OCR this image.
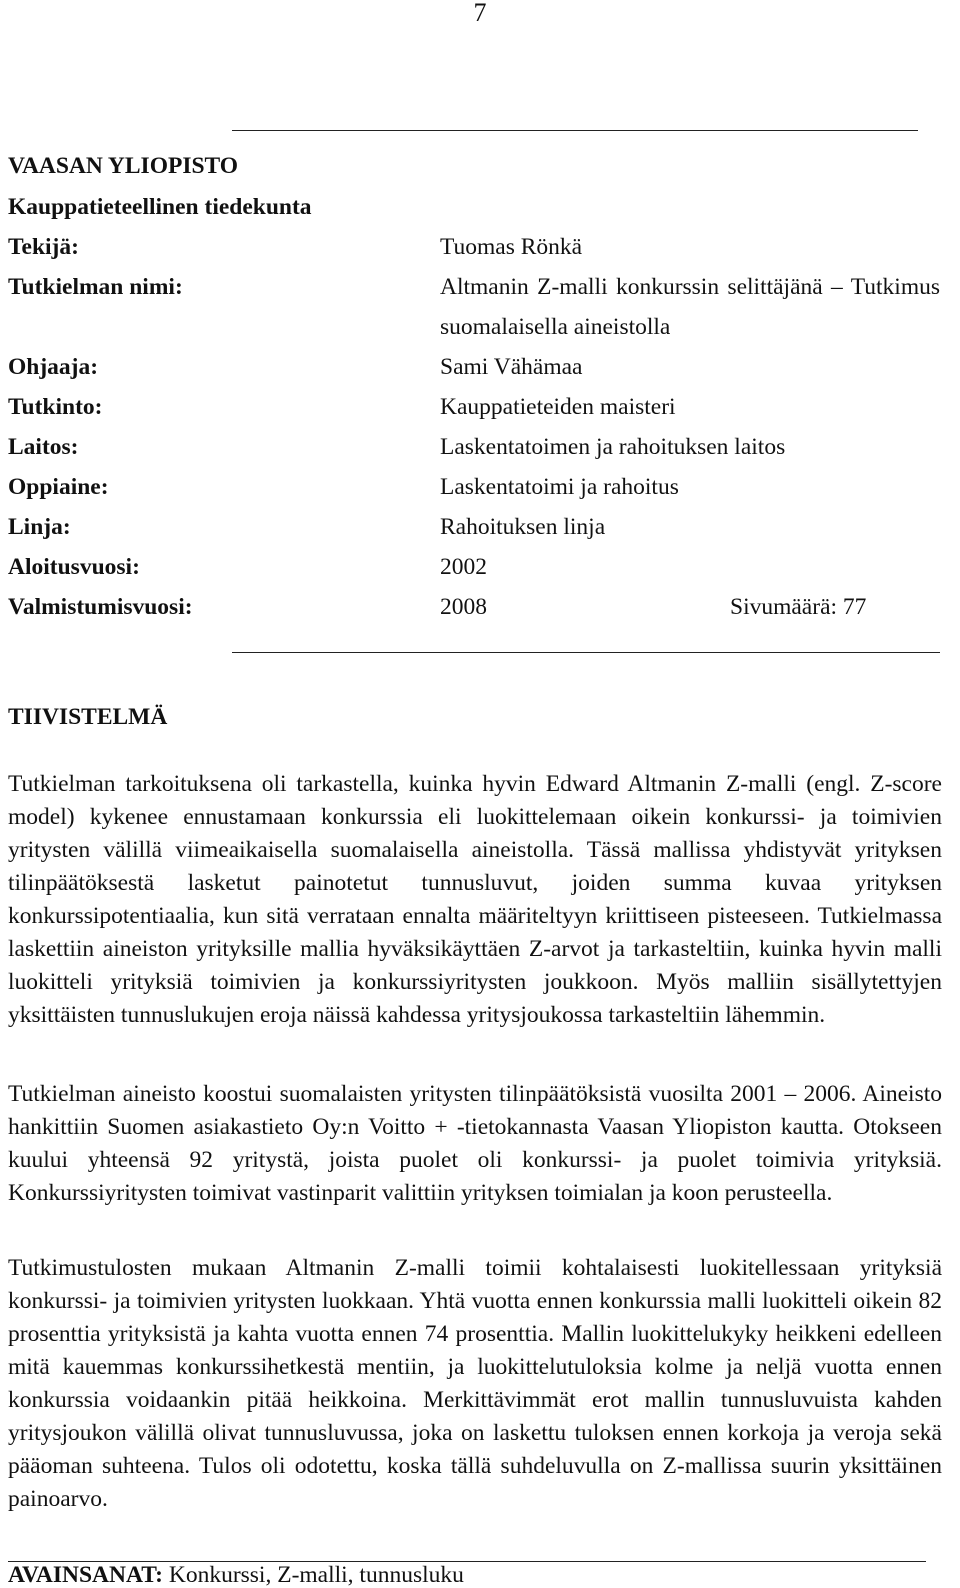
7
VAASAN YLIOPISTO
Kauppatieteellinen tiedekunta
Tekijä:	Tuomas Rönkä
Tutkielman nimi:	Altmanin Z-malli konkurssin selittäjänä – Tutkimus suomalaisella aineistolla
Ohjaaja:	Sami Vähämaa
Tutkinto:	Kauppatieteiden maisteri
Laitos:	Laskentatoimen ja rahoituksen laitos
Oppiaine:	Laskentatoimi ja rahoitus
Linja:	Rahoituksen linja
Aloitusvuosi:	2002
Valmistumisvuosi:	2008	Sivumäärä: 77
TIIVISTELMÄ

Tutkielman tarkoituksena oli tarkastella, kuinka hyvin Edward Altmanin Z-malli (engl. Z-score model) kykenee ennustamaan konkurssia eli luokittelemaan oikein konkurssi- ja toimivien yritysten välillä viimeaikaisella suomalaisella aineistolla. Tässä mallissa yhdistyvät yrityksen tilinpäätöksestä lasketut painotetut tunnusluvut, joiden summa kuvaa yrityksen konkurssipotentiaalia, kun sitä verrataan ennalta määriteltyyn kriittiseen pisteeseen. Tutkielmassa laskettiin aineiston yrityksille mallia hyväksikäyttäen Z-arvot ja tarkasteltiin, kuinka hyvin malli luokitteli yrityksiä toimivien ja konkurssiyritysten joukkoon. Myös malliin sisällytettyjen yksittäisten tunnuslukujen eroja näissä kahdessa yritysjoukossa tarkasteltiin lähemmin.

Tutkielman aineisto koostui suomalaisten yritysten tilinpäätöksistä vuosilta 2001 – 2006. Aineisto hankittiin Suomen asiakastieto Oy:n Voitto + -tietokannasta Vaasan Yliopiston kautta. Otokseen kuului yhteensä 92 yritystä, joista puolet oli konkurssi- ja puolet toimivia yrityksiä. Konkurssiyritysten toimivat vastinparit valittiin yrityksen toimialan ja koon perusteella.

Tutkimustulosten mukaan Altmanin Z-malli toimii kohtalaisesti luokitellessaan yrityksiä konkurssi- ja toimivien yritysten luokkaan. Yhtä vuotta ennen konkurssia malli luokitteli oikein 82 prosenttia yrityksistä ja kahta vuotta ennen 74 prosenttia. Mallin luokittelukyky heikkeni edelleen mitä kauemmas konkurssihetkestä mentiin, ja luokittelutuloksia kolme ja neljä vuotta ennen konkurssia voidaankin pitää heikkoina. Merkittävimmät erot mallin tunnusluvuista kahden yritysjoukon välillä olivat tunnusluvussa, joka on laskettu tuloksen ennen korkoja ja veroja sekä pääoman suhteena. Tulos oli odotettu, koska tällä suhdeluvulla on Z-mallissa suurin yksittäinen painoarvo.

AVAINSANAT: Konkurssi, Z-malli, tunnusluku
